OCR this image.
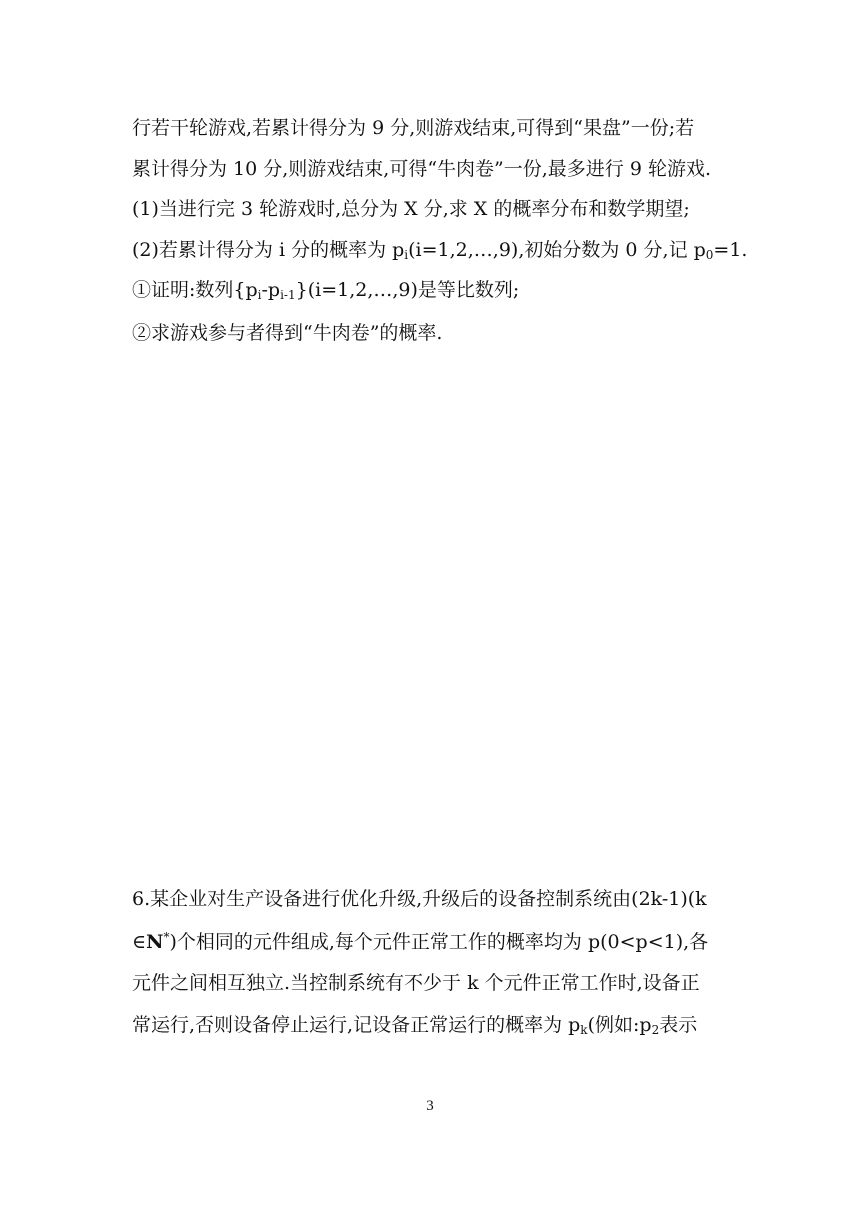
行若干轮游戏,若累计得分为 9 分,则游戏结束,可得到“果盘”一份;若
累计得分为 10 分,则游戏结束,可得“牛肉卷”一份,最多进行 9 轮游戏.
(1)当进行完 3 轮游戏时,总分为 X 分,求 X 的概率分布和数学期望;
(2)若累计得分为 i 分的概率为 $p_i(i=1,2,\dots,9)$,初始分数为 0 分,记 $p_0=1$.
①证明:数列$\{p_i-p_{i-1}\}(i=1,2,\dots,9)$是等比数列;
②求游戏参与者得到“牛肉卷”的概率.
6.某企业对生产设备进行优化升级,升级后的设备控制系统由(2k-1)(k
∈N*)个相同的元件组成,每个元件正常工作的概率均为 p(0<p<1),各
元件之间相互独立.当控制系统有不少于 k 个元件正常工作时,设备正
常运行,否则设备停止运行,记设备正常运行的概率为 $p_k$(例如$:p_2$表示
3
